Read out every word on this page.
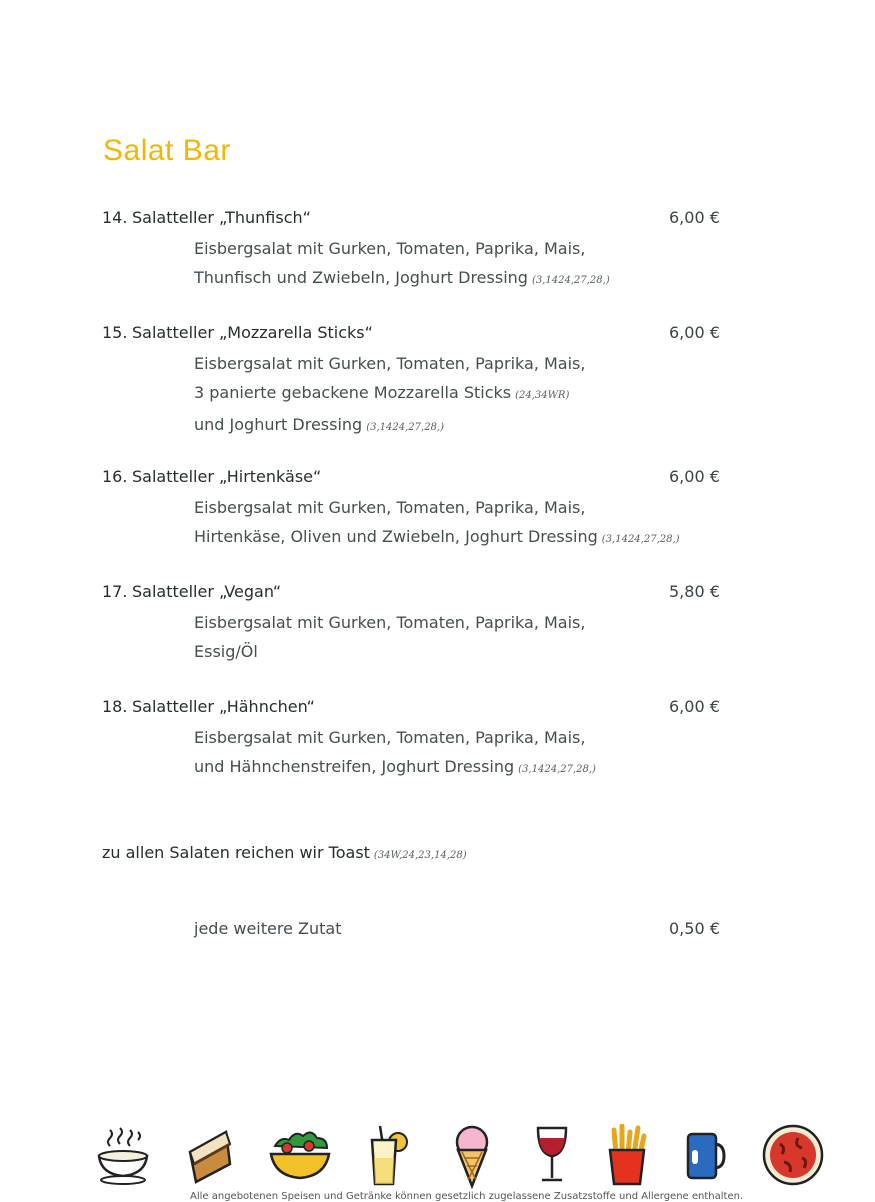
Salat Bar
14. Salatteller „Thunfisch“	6,00 €
Eisbergsalat mit Gurken, Tomaten, Paprika, Mais,
Thunfisch und Zwiebeln, Joghurt Dressing (3,1424,27,28,)
15. Salatteller „Mozzarella Sticks“	6,00 €
Eisbergsalat mit Gurken, Tomaten, Paprika, Mais,
3 panierte gebackene Mozzarella Sticks (24,34WR)
und Joghurt Dressing (3,1424,27,28,)
16. Salatteller „Hirtenkäse“	6,00 €
Eisbergsalat mit Gurken, Tomaten, Paprika, Mais,
Hirtenkäse, Oliven und Zwiebeln, Joghurt Dressing (3,1424,27,28,)
17. Salatteller „Vegan“	5,80 €
Eisbergsalat mit Gurken, Tomaten, Paprika, Mais,
Essig/Öl
18. Salatteller „Hähnchen“	6,00 €
Eisbergsalat mit Gurken, Tomaten, Paprika, Mais,
und Hähnchenstreifen, Joghurt Dressing (3,1424,27,28,)
zu allen Salaten reichen wir Toast (34W,24,23,14,28)
jede weitere Zutat	0,50 €
Alle angebotenen Speisen und Getränke können gesetzlich zugelassene Zusatzstoffe und Allergene enthalten.
